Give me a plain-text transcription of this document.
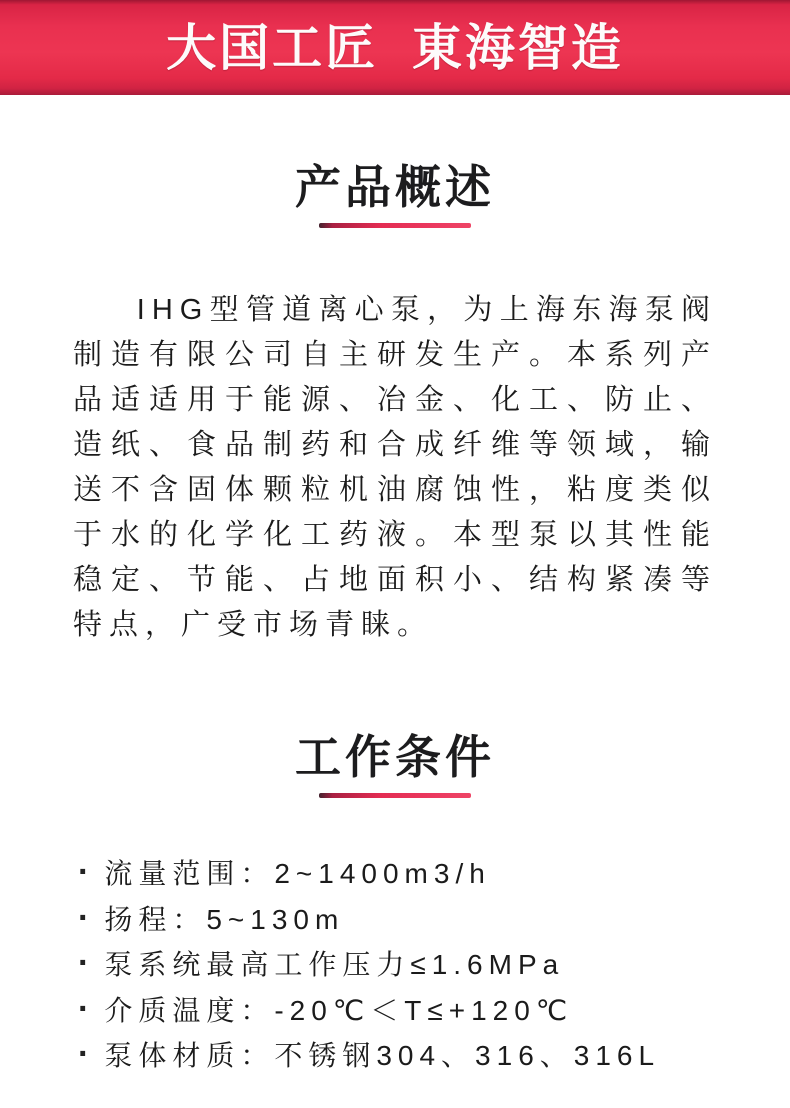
大国工匠  東海智造
产品概述

IHG型管道离心泵，为上海东海泵阀制造有限公司自主研发生产。本系列产品适适用于能源、冶金、化工、防止、造纸、食品制药和合成纤维等领域，输送不含固体颗粒机油腐蚀性，粘度类似于水的化学化工药液。本型泵以其性能稳定、节能、占地面积小、结构紧凑等特点，广受市场青睐。

工作条件
· 流量范围：2~1400m3/h
· 扬程：5~130m
· 泵系统最高工作压力≤1.6MPa
· 介质温度：-20℃＜T≤+120℃
· 泵体材质：不锈钢304、316、316L
